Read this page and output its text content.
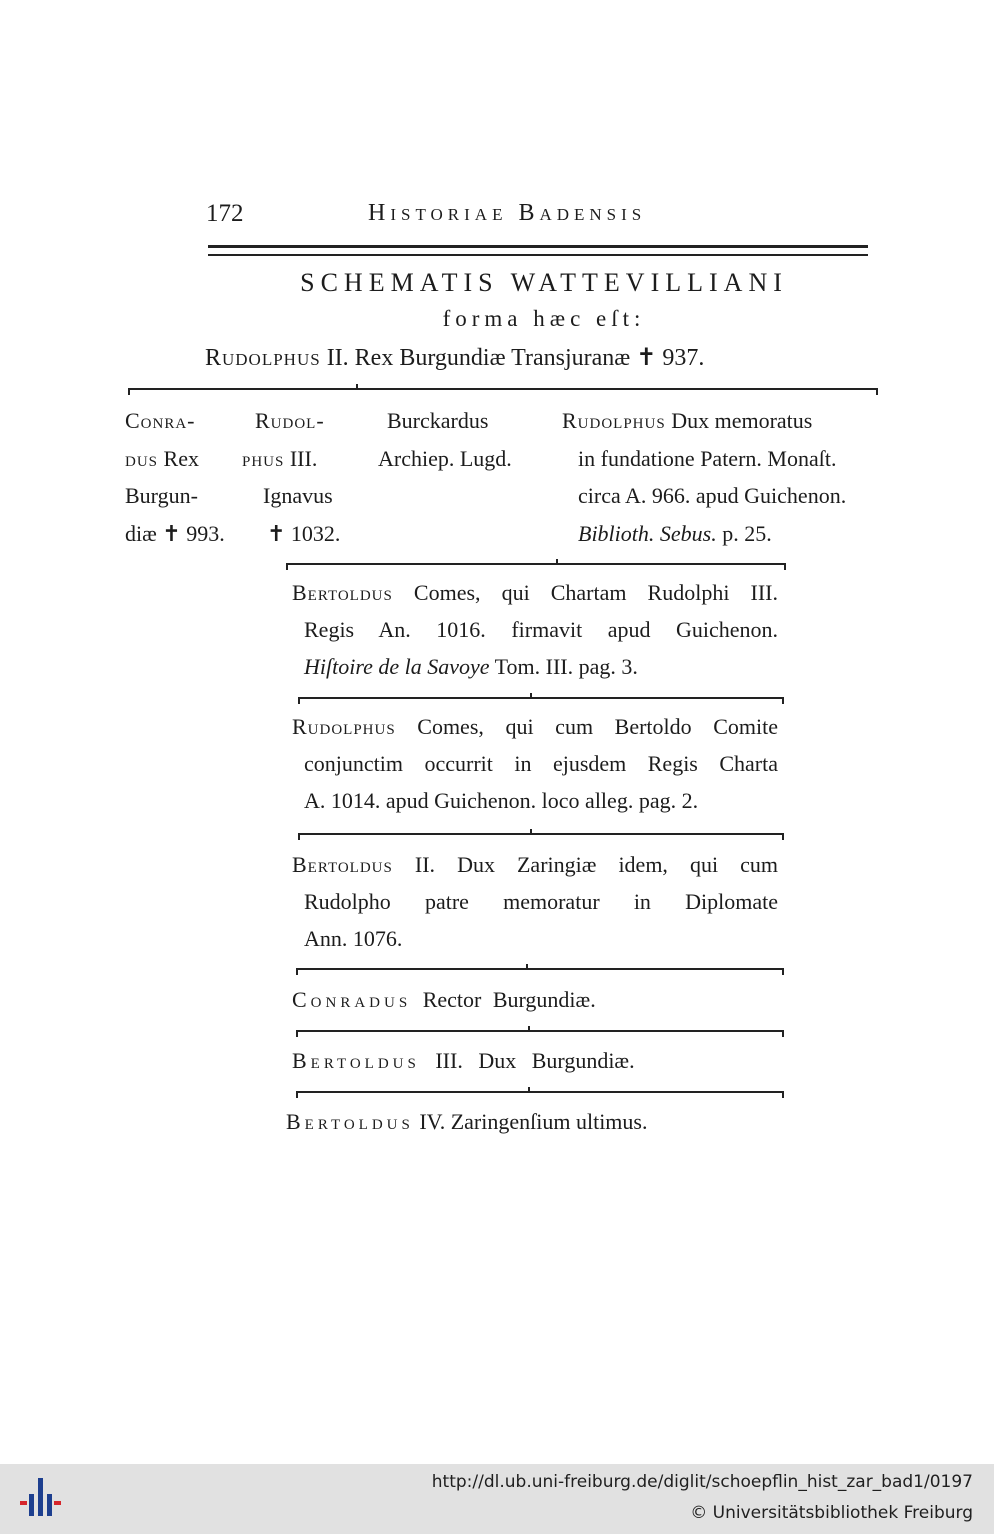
172	Historiae Badensis
SCHEMATIS WATTEVILLIANI
forma hæc eſt:
Rudolphus II. Rex Burgundiæ Transjuranæ ✝ 937.
Conra-
dus Rex
Burgun-
diæ ✝ 993.
Rudol-
phus III.
Ignavus
✝ 1032.
Burckardus
Archiep. Lugd.
Rudolphus Dux memoratus
in fundatione Patern. Monaſt.
circa A. 966. apud Guichenon.
Biblioth. Sebus. p. 25.
Bertoldus Comes, qui Chartam Rudolphi III.
Regis An. 1016. firmavit apud Guichenon.
Hiſtoire de la Savoye Tom. III. pag. 3.
Rudolphus Comes, qui cum Bertoldo Comite
conjunctim occurrit in ejusdem Regis Charta
A. 1014. apud Guichenon. loco alleg. pag. 2.
Bertoldus II. Dux Zaringiæ idem, qui cum
Rudolpho patre memoratur in Diplomate
Ann. 1076.
Conradus Rector Burgundiæ.
Bertoldus III. Dux Burgundiæ.
Bertoldus IV. Zaringenſium ultimus.
http://dl.ub.uni-freiburg.de/diglit/schoepflin_hist_zar_bad1/0197
© Universitätsbibliothek Freiburg
